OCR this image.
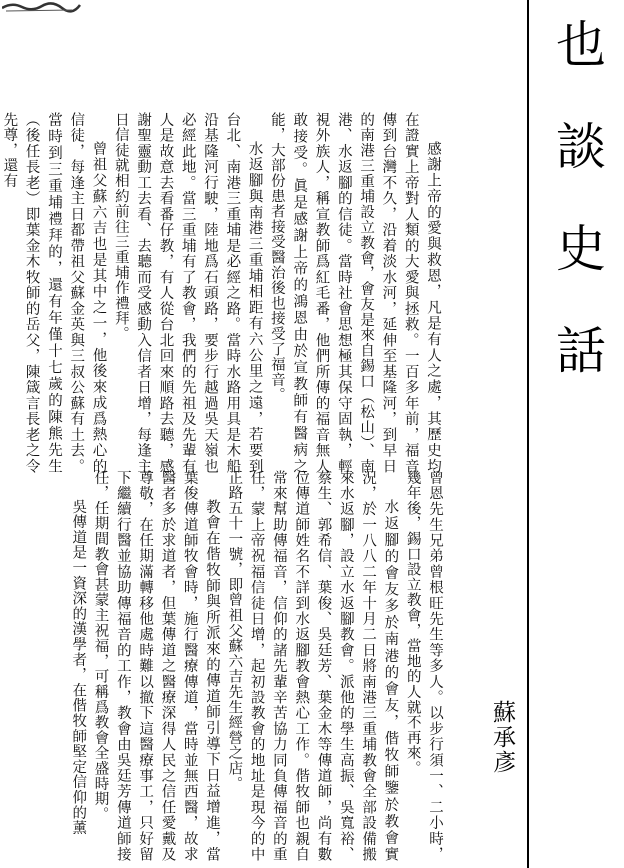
也
談
史
話
蘇承彥

感謝上帝的愛與救恩，凡是有人之處，其歷史均在證實上帝對人類的大愛與拯救。一百多年前，福音傳到台灣不久，沿着淡水河，延伸至基隆河，到早日的南港三重埔設立教會，會友是來自錫口（松山）、南港、水返腳的信徒。當時社會思想極其保守固執，輕視外族人，稱宣教師爲紅毛番，他們所傳的福音無人敢接受。眞是感謝上帝的鴻恩由於宣教師有醫病之能，大部份患者接受醫治後也接受了福音。

水返腳與南港三重埔相距有六公里之遠，若要到台北、南港三重埔是必經之路。當時水路用具是木船沿基隆河行駛，陸地爲石頭路，要步行越過吳天嶺也必經此地。當三重埔有了教會，我們的先祖及先輩有人是故意去看番仔教，有人從台北回來順路去聽，感謝聖靈動工去看、去聽而受感動入信者日增，每逢主日信徒就相約前往三重埔作禮拜。

曾祖父蘇六吉也是其中之一，他後來成爲熱心的信徒，每逢主日都帶祖父蘇金英與三叔公蘇有土去。當時到三重埔禮拜的，還有年僅十七歲的陳熊先生（後任長老）即葉金木牧師的岳父，陳箴言長老之令先尊，還有

曾恩先生兄弟曾根旺先生等多人。以步行須一、二小時，幾年後，錫口設立教會，當地的人就不再來。

水返腳的會友多於南港的會友，偕牧師鑒於教會實況，於一八八二年十月二日將南港三重埔教會全部設備搬來水返腳，設立水返腳教會。派他的學生高振、吳寬裕、蔡生、郭希信、葉俊、吳廷芳、葉金木等傳道師，尚有數位傳道師姓名不詳到水返腳教會熱心工作。偕牧師也親自常來幫助傳福音，信仰的諸先輩辛苦協力同負傳福音的重任，蒙上帝祝福信徒日增，起初設教會的地址是現今的中正路五十一號，即曾祖父蘇六吉先生經營之店。

教會在偕牧師與所派來的傳道師引導下日益增進，當葉俊傳道師牧會時，施行醫療傳道，當時並無西醫，故求醫者多於求道者，但葉傳道之醫療深得人民之信任愛戴及尊敬，在任期滿轉移他處時難以撤下這醫療事工，只好留下繼續行醫並協助傳福音的工作，教會由吳廷芳傳道師接任，任期間教會甚蒙主祝福，可稱爲教會全盛時期。

吳傳道是一資深的漢學者，在偕牧師堅定信仰的薰
